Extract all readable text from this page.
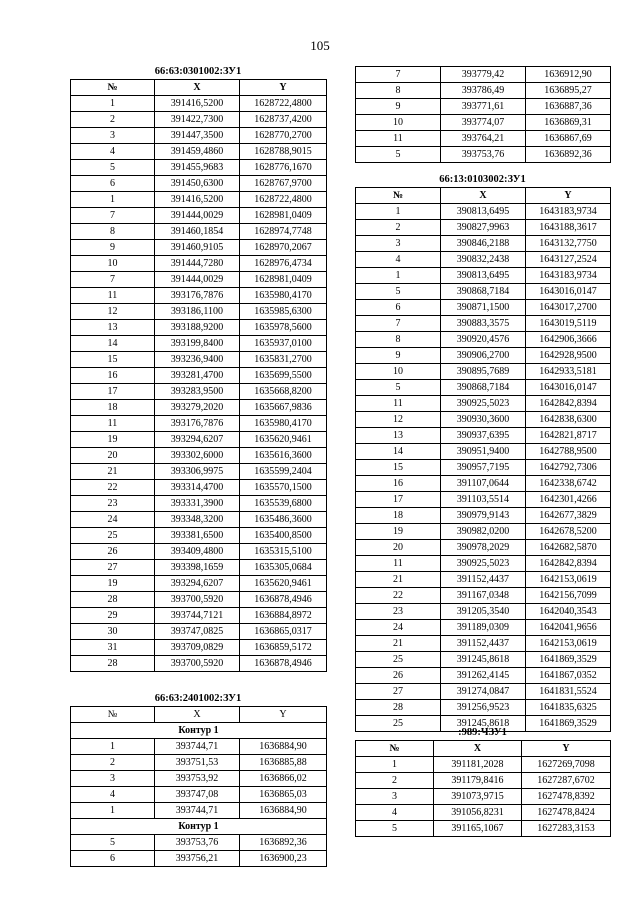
105
66:63:0301002:ЗУ1
№	X	Y
1	391416,5200	1628722,4800
2	391422,7300	1628737,4200
3	391447,3500	1628770,2700
4	391459,4860	1628788,9015
5	391455,9683	1628776,1670
6	391450,6300	1628767,9700
1	391416,5200	1628722,4800
7	391444,0029	1628981,0409
8	391460,1854	1628974,7748
9	391460,9105	1628970,2067
10	391444,7280	1628976,4734
7	391444,0029	1628981,0409
11	393176,7876	1635980,4170
12	393186,1100	1635985,6300
13	393188,9200	1635978,5600
14	393199,8400	1635937,0100
15	393236,9400	1635831,2700
16	393281,4700	1635699,5500
17	393283,9500	1635668,8200
18	393279,2020	1635667,9836
11	393176,7876	1635980,4170
19	393294,6207	1635620,9461
20	393302,6000	1635616,3600
21	393306,9975	1635599,2404
22	393314,4700	1635570,1500
23	393331,3900	1635539,6800
24	393348,3200	1635486,3600
25	393381,6500	1635400,8500
26	393409,4800	1635315,5100
27	393398,1659	1635305,0684
19	393294,6207	1635620,9461
28	393700,5920	1636878,4946
29	393744,7121	1636884,8972
30	393747,0825	1636865,0317
31	393709,0829	1636859,5172
28	393700,5920	1636878,4946
66:63:2401002:ЗУ1
№	X	Y
Контур 1		
1	393744,71	1636884,90
2	393751,53	1636885,88
3	393753,92	1636866,02
4	393747,08	1636865,03
1	393744,71	1636884,90
Контур 1		
5	393753,76	1636892,36
6	393756,21	1636900,23
7	393779,42	1636912,90
8	393786,49	1636895,27
9	393771,61	1636887,36
10	393774,07	1636869,31
11	393764,21	1636867,69
5	393753,76	1636892,36
66:13:0103002:ЗУ1
№	X	Y
1	390813,6495	1643183,9734
2	390827,9963	1643188,3617
3	390846,2188	1643132,7750
4	390832,2438	1643127,2524
1	390813,6495	1643183,9734
5	390868,7184	1643016,0147
6	390871,1500	1643017,2700
7	390883,3575	1643019,5119
8	390920,4576	1642906,3666
9	390906,2700	1642928,9500
10	390895,7689	1642933,5181
5	390868,7184	1643016,0147
11	390925,5023	1642842,8394
12	390930,3600	1642838,6300
13	390937,6395	1642821,8717
14	390951,9400	1642788,9500
15	390957,7195	1642792,7306
16	391107,0644	1642338,6742
17	391103,5514	1642301,4266
18	390979,9143	1642677,3829
19	390982,0200	1642678,5200
20	390978,2029	1642682,5870
11	390925,5023	1642842,8394
21	391152,4437	1642153,0619
22	391167,0348	1642156,7099
23	391205,3540	1642040,3543
24	391189,0309	1642041,9656
21	391152,4437	1642153,0619
25	391245,8618	1641869,3529
26	391262,4145	1641867,0352
27	391274,0847	1641831,5524
28	391256,9523	1641835,6325
25	391245,8618	1641869,3529
:989:ЧЗУ1
№	X	Y
1	391181,2028	1627269,7098
2	391179,8416	1627287,6702
3	391073,9715	1627478,8392
4	391056,8231	1627478,8424
5	391165,1067	1627283,3153
